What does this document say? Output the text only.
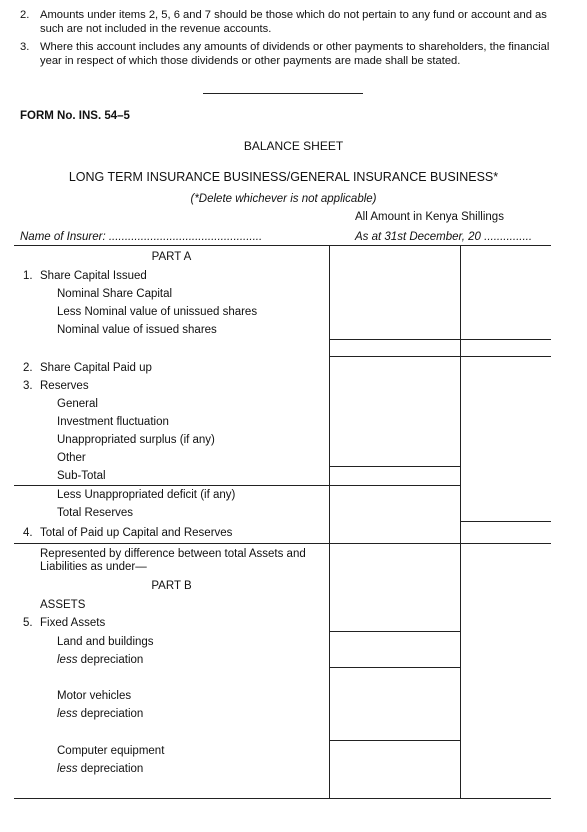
2. Amounts under items 2, 5, 6 and 7 should be those which do not pertain to any fund or account and as such are not included in the revenue accounts.
3. Where this account includes any amounts of dividends or other payments to shareholders, the financial year in respect of which those dividends or other payments are made shall be stated.
FORM No. INS. 54–5
BALANCE SHEET
LONG TERM INSURANCE BUSINESS/GENERAL INSURANCE BUSINESS*
(*Delete whichever is not applicable)
All Amount in Kenya Shillings
Name of Insurer: ................................................	As at 31st December, 20 ...............
PART A
1. Share Capital Issued
Nominal Share Capital
Less Nominal value of unissued shares
Nominal value of issued shares
2. Share Capital Paid up
3. Reserves
General
Investment fluctuation
Unappropriated surplus (if any)
Other
Sub-Total
Less Unappropriated deficit (if any)
Total Reserves
4. Total of Paid up Capital and Reserves
Represented by difference between total Assets and
Liabilities as under—
PART B
ASSETS
5. Fixed Assets
Land and buildings
less depreciation
Motor vehicles
less depreciation
Computer equipment
less depreciation
